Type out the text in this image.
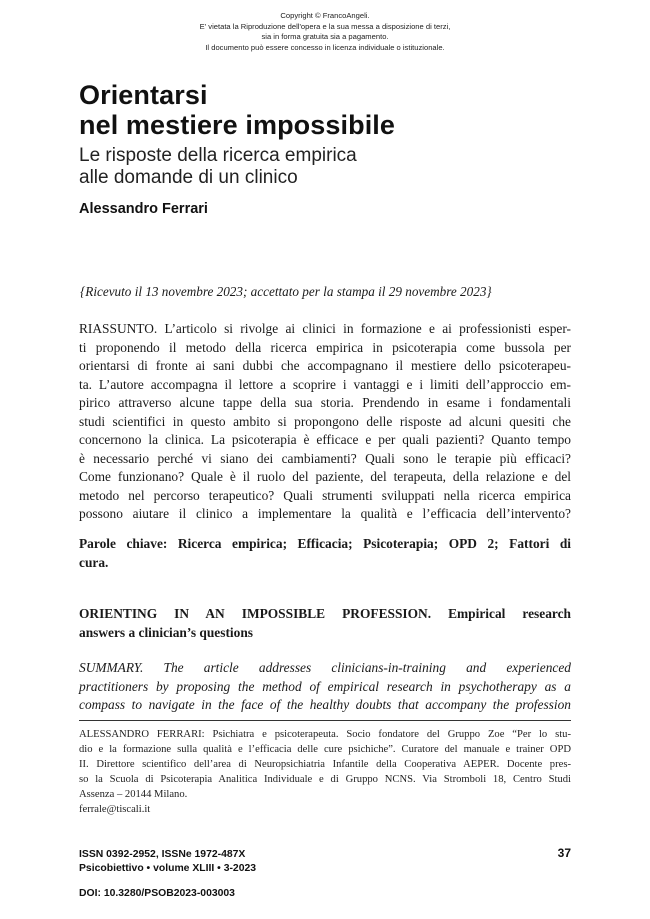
Copyright © FrancoAngeli.
E' vietata la Riproduzione dell'opera e la sua messa a disposizione di terzi,
sia in forma gratuita sia a pagamento.
Il documento può essere concesso in licenza individuale o istituzionale.
Orientarsi
nel mestiere impossibile
Le risposte della ricerca empirica
alle domande di un clinico
Alessandro Ferrari
{Ricevuto il 13 novembre 2023; accettato per la stampa il 29 novembre 2023}
RIASSUNTO. L’articolo si rivolge ai clinici in formazione e ai professionisti esper-
ti proponendo il metodo della ricerca empirica in psicoterapia come bussola per
orientarsi di fronte ai sani dubbi che accompagnano il mestiere dello psicoterapeu-
ta. L’autore accompagna il lettore a scoprire i vantaggi e i limiti dell’approccio em-
pirico attraverso alcune tappe della sua storia. Prendendo in esame i fondamentali
studi scientifici in questo ambito si propongono delle risposte ad alcuni quesiti che
concernono la clinica. La psicoterapia è efficace e per quali pazienti? Quanto tempo
è necessario perché vi siano dei cambiamenti? Quali sono le terapie più efficaci?
Come funzionano? Quale è il ruolo del paziente, del terapeuta, della relazione e del
metodo nel percorso terapeutico? Quali strumenti sviluppati nella ricerca empirica
possono aiutare il clinico a implementare la qualità e l’efficacia dell’intervento?
Parole chiave: Ricerca empirica; Efficacia; Psicoterapia; OPD 2; Fattori di
cura.
ORIENTING IN AN IMPOSSIBLE PROFESSION. Empirical research
answers a clinician’s questions
SUMMARY. The article addresses clinicians-in-training and experienced
practitioners by proposing the method of empirical research in psychotherapy as a
compass to navigate in the face of the healthy doubts that accompany the profession
ALESSANDRO FERRARI: Psichiatra e psicoterapeuta. Socio fondatore del Gruppo Zoe “Per lo stu-
dio e la formazione sulla qualità e l’efficacia delle cure psichiche”. Curatore del manuale e trainer OPD
II. Direttore scientifico dell’area di Neuropsichiatria Infantile della Cooperativa AEPER. Docente pres-
so la Scuola di Psicoterapia Analitica Individuale e di Gruppo NCNS. Via Stromboli 18, Centro Studi
Assenza – 20144 Milano.
ferrale@tiscali.it
ISSN 0392-2952, ISSNe 1972-487X
Psicobiettivo • volume XLIII • 3-2023
37
DOI: 10.3280/PSOB2023-003003
